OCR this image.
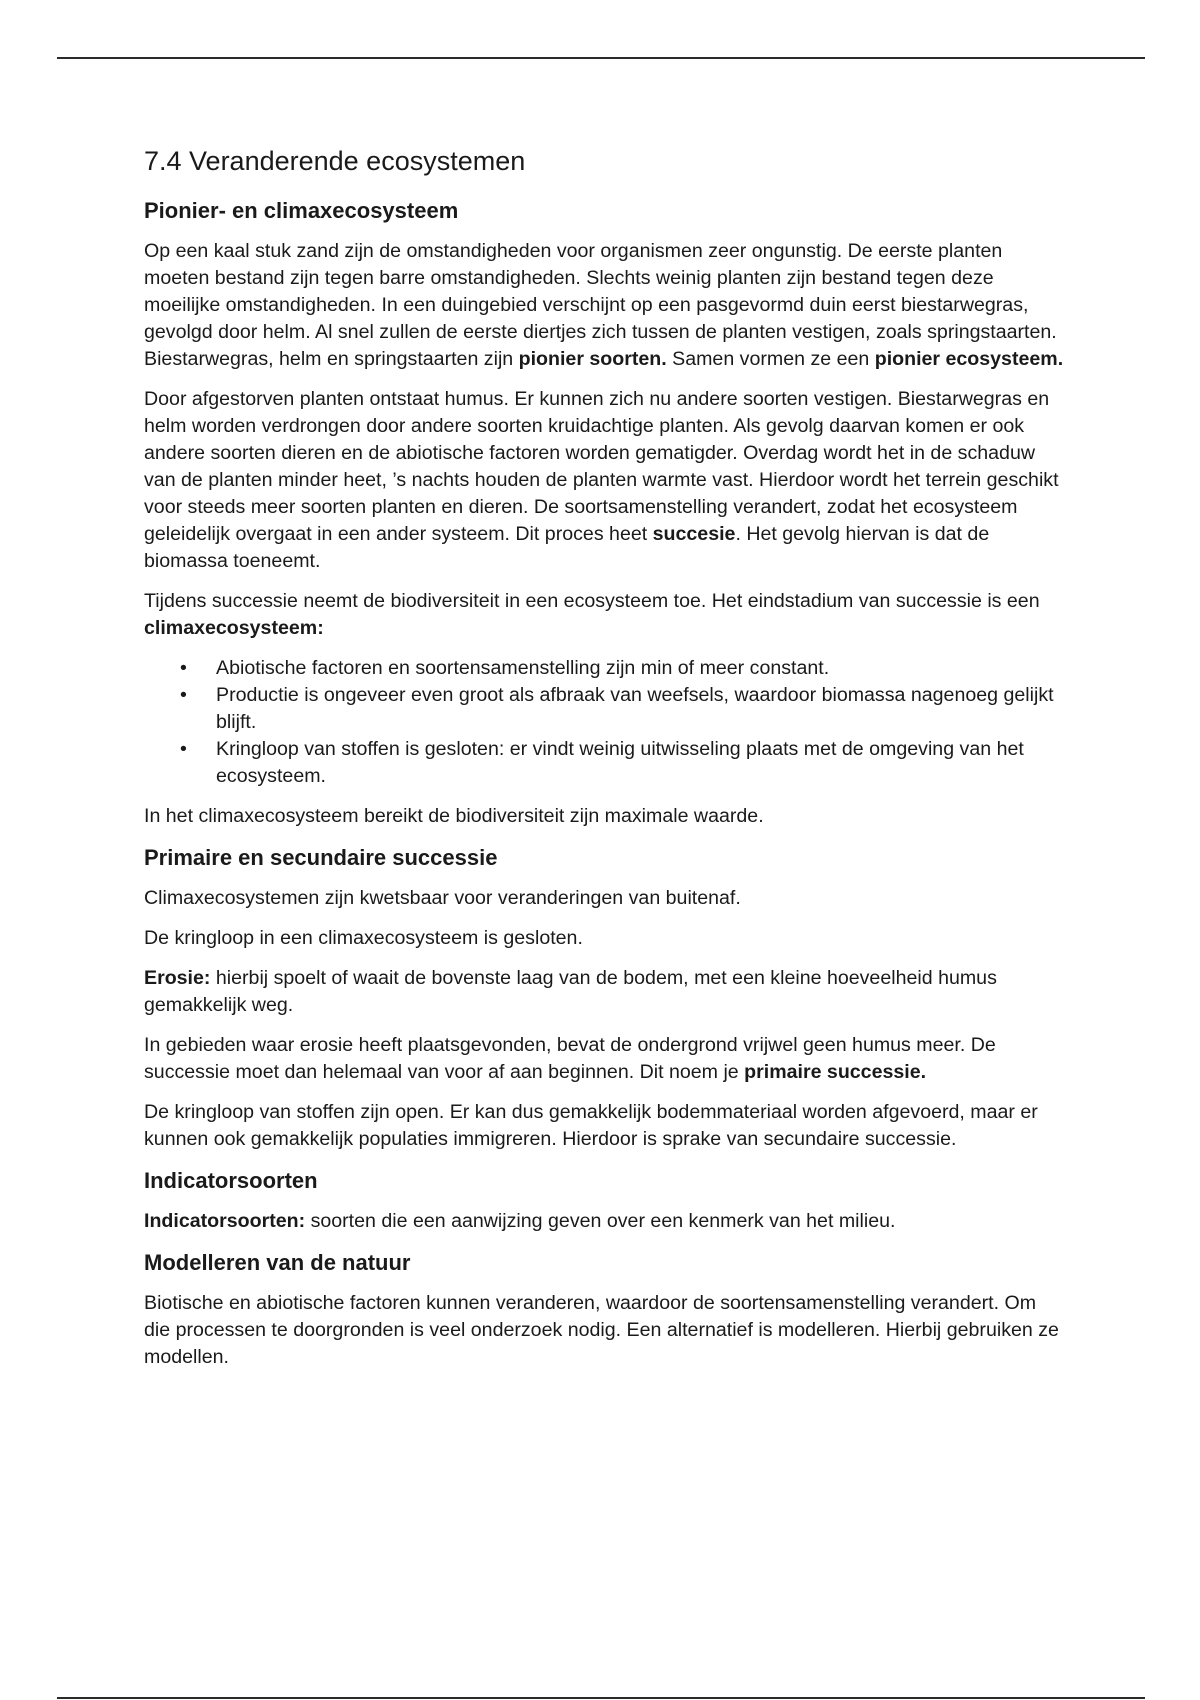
7.4 Veranderende ecosystemen
Pionier- en climaxecosysteem

Op een kaal stuk zand zijn de omstandigheden voor organismen zeer ongunstig. De eerste planten moeten bestand zijn tegen barre omstandigheden. Slechts weinig planten zijn bestand tegen deze moeilijke omstandigheden. In een duingebied verschijnt op een pasgevormd duin eerst biestarwegras, gevolgd door helm. Al snel zullen de eerste diertjes zich tussen de planten vestigen, zoals springstaarten. Biestarwegras, helm en springstaarten zijn pionier soorten. Samen vormen ze een pionier ecosysteem.

Door afgestorven planten ontstaat humus. Er kunnen zich nu andere soorten vestigen. Biestarwegras en helm worden verdrongen door andere soorten kruidachtige planten. Als gevolg daarvan komen er ook andere soorten dieren en de abiotische factoren worden gematigder. Overdag wordt het in de schaduw van de planten minder heet, ’s nachts houden de planten warmte vast. Hierdoor wordt het terrein geschikt voor steeds meer soorten planten en dieren. De soortsamenstelling verandert, zodat het ecosysteem geleidelijk overgaat in een ander systeem. Dit proces heet succesie. Het gevolg hiervan is dat de biomassa toeneemt.

Tijdens successie neemt de biodiversiteit in een ecosysteem toe. Het eindstadium van successie is een climaxecosysteem:

• Abiotische factoren en soortensamenstelling zijn min of meer constant.
• Productie is ongeveer even groot als afbraak van weefsels, waardoor biomassa nagenoeg gelijkt blijft.
• Kringloop van stoffen is gesloten: er vindt weinig uitwisseling plaats met de omgeving van het ecosysteem.

In het climaxecosysteem bereikt de biodiversiteit zijn maximale waarde.

Primaire en secundaire successie

Climaxecosystemen zijn kwetsbaar voor veranderingen van buitenaf.

De kringloop in een climaxecosysteem is gesloten.

Erosie: hierbij spoelt of waait de bovenste laag van de bodem, met een kleine hoeveelheid humus gemakkelijk weg.

In gebieden waar erosie heeft plaatsgevonden, bevat de ondergrond vrijwel geen humus meer. De successie moet dan helemaal van voor af aan beginnen. Dit noem je primaire successie.

De kringloop van stoffen zijn open. Er kan dus gemakkelijk bodemmateriaal worden afgevoerd, maar er kunnen ook gemakkelijk populaties immigreren. Hierdoor is sprake van secundaire successie.

Indicatorsoorten

Indicatorsoorten: soorten die een aanwijzing geven over een kenmerk van het milieu.

Modelleren van de natuur

Biotische en abiotische factoren kunnen veranderen, waardoor de soortensamenstelling verandert. Om die processen te doorgronden is veel onderzoek nodig. Een alternatief is modelleren. Hierbij gebruiken ze modellen.
